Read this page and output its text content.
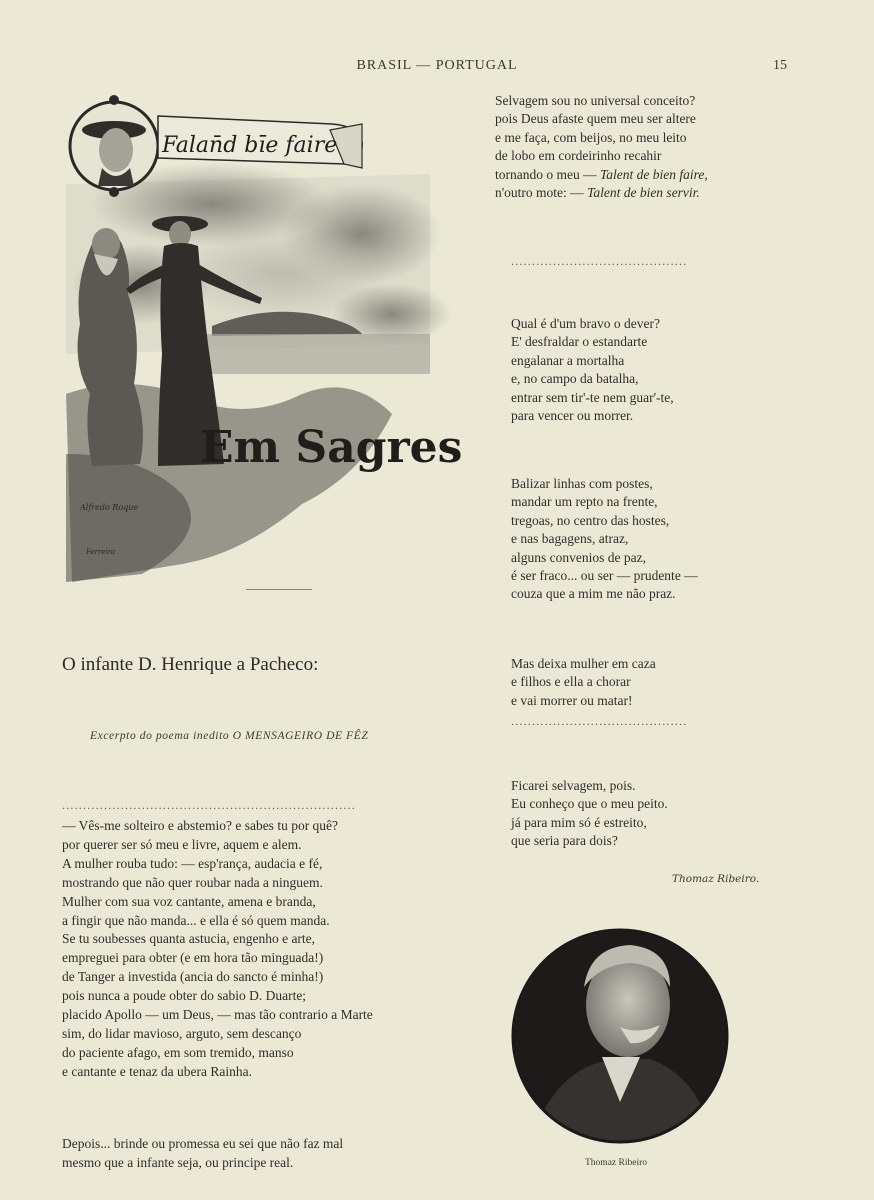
BRASIL — PORTUGAL	15
Falan̄d bīe faire
Em Sagres
Alfredo Roque
Ferreira
Selvagem sou no universal conceito?
pois Deus afaste quem meu ser altere
e me faça, com beijos, no meu leito
de lobo em cordeirinho recahir
tornando o meu — Talent de bien faire,
n'outro mote: — Talent de bien servir.
..........................................
Qual é d'um bravo o dever?
E' desfraldar o estandarte
engalanar a mortalha
e, no campo da batalha,
entrar sem tir'-te nem guar'-te,
para vencer ou morrer.
Balizar linhas com postes,
mandar um repto na frente,
tregoas, no centro das hostes,
e nas bagagens, atraz,
alguns convenios de paz,
é ser fraco... ou ser — prudente —
couza que a mim me não praz.
Mas deixa mulher em caza
e filhos e ella a chorar
e vai morrer ou matar!
..........................................
Ficarei selvagem, pois.
Eu conheço que o meu peito.
já para mim só é estreito,
que seria para dois?
Thomaz Ribeiro.
Thomaz Ribeiro
O infante D. Henrique a Pacheco:
Excerpto do poema inedito O MENSAGEIRO DE FÊZ
......................................................................
— Vês-me solteiro e abstemio? e sabes tu por quê?
por querer ser só meu e livre, aquem e alem.
A mulher rouba tudo: — esp'rança, audacia e fé,
mostrando que não quer roubar nada a ninguem.
Mulher com sua voz cantante, amena e branda,
a fingir que não manda... e ella é só quem manda.
Se tu soubesses quanta astucia, engenho e arte,
empreguei para obter (e em hora tão minguada!)
de Tanger a investida (ancia do sancto é minha!)
pois nunca a poude obter do sabio D. Duarte;
placido Apollo — um Deus, — mas tão contrario a Marte
sim, do lidar mavioso, arguto, sem descanço
do paciente afago, em som tremido, manso
e cantante e tenaz da ubera Rainha.
Depois... brinde ou promessa eu sei que não faz mal
mesmo que a infante seja, ou principe real.
